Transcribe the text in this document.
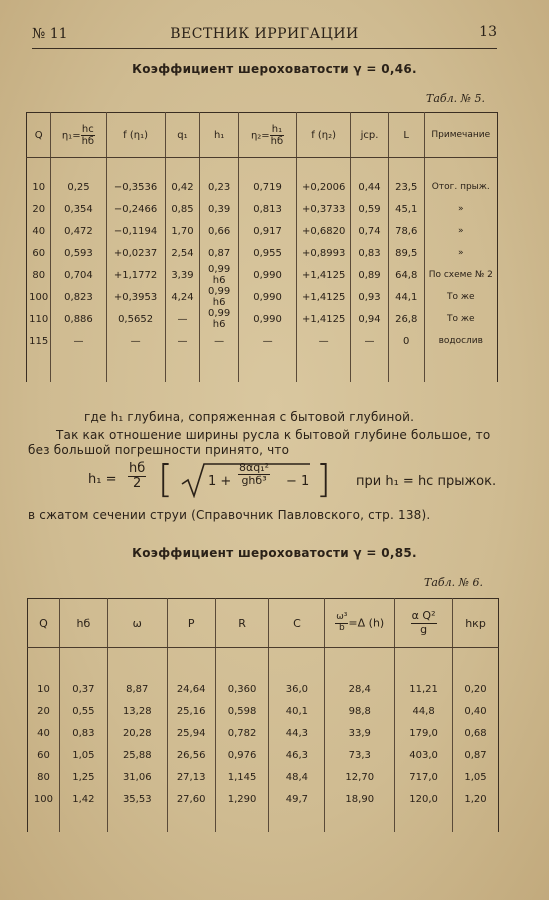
№ 11	ВЕСТНИК ИРРИГАЦИИ	13
Коэффициент шероховатости γ = 0,46.
Табл. № 5.
Q	$\eta_1= \frac{hc}{hб}$	f (η₁)	q₁	h₁	$\eta_2= \frac{\text{h₁}}{hб}$	f (η₂)	jср.	L	Примечание

10	0,25	−0,3536	0,42	0,23	0,719	+0,2006	0,44	23,5	Отог. прыж.
20	0,354	−0,2466	0,85	0,39	0,813	+0,3733	0,59	45,1	»
40	0,472	−0,1194	1,70	0,66	0,917	+0,6820	0,74	78,6	»
60	0,593	+0,0237	2,54	0,87	0,955	+0,8993	0,83	89,5	»
80	0,704	+1,1772	3,39	0,99 h6	0,990	+1,4125	0,89	64,8	По схеме № 2
100	0,823	+0,3953	4,24	0,99 h6	0,990	+1,4125	0,93	44,1	То же
110	0,886	0,5652	—	0,99 h6	0,990	+1,4125	0,94	26,8	То же
115	—	—	—	—	—	—	—	0	водослив

где h₁ глубина, сопряженная с бытовой глубиной.
Так как отношение ширины русла к бытовой глубине большое, то
без большой погрешности принято, что
h₁ =
hб
2 [	1 +
8αq₁²
ghб³ − 1 ] при h₁ = hc прыжок.
в сжатом сечении струи (Справочник Павловского, стр. 138).
Коэффициент шероховатости γ = 0,85.
Табл. № 6.
Q	hб	ω	P	R	C	$\frac{\text{ω³}}{b} =\Delta$ (h)	$\frac{\text{α Q²}}{g}$	hкр

10	0,37	8,87	24,64	0,360	36,0	28,4	11,21	0,20
20	0,55	13,28	25,16	0,598	40,1	98,8	44,8	0,40
40	0,83	20,28	25,94	0,782	44,3	33,9	179,0	0,68
60	1,05	25,88	26,56	0,976	46,3	73,3	403,0	0,87
80	1,25	31,06	27,13	1,145	48,4	12,70	717,0	1,05
100	1,42	35,53	27,60	1,290	49,7	18,90	120,0	1,20
